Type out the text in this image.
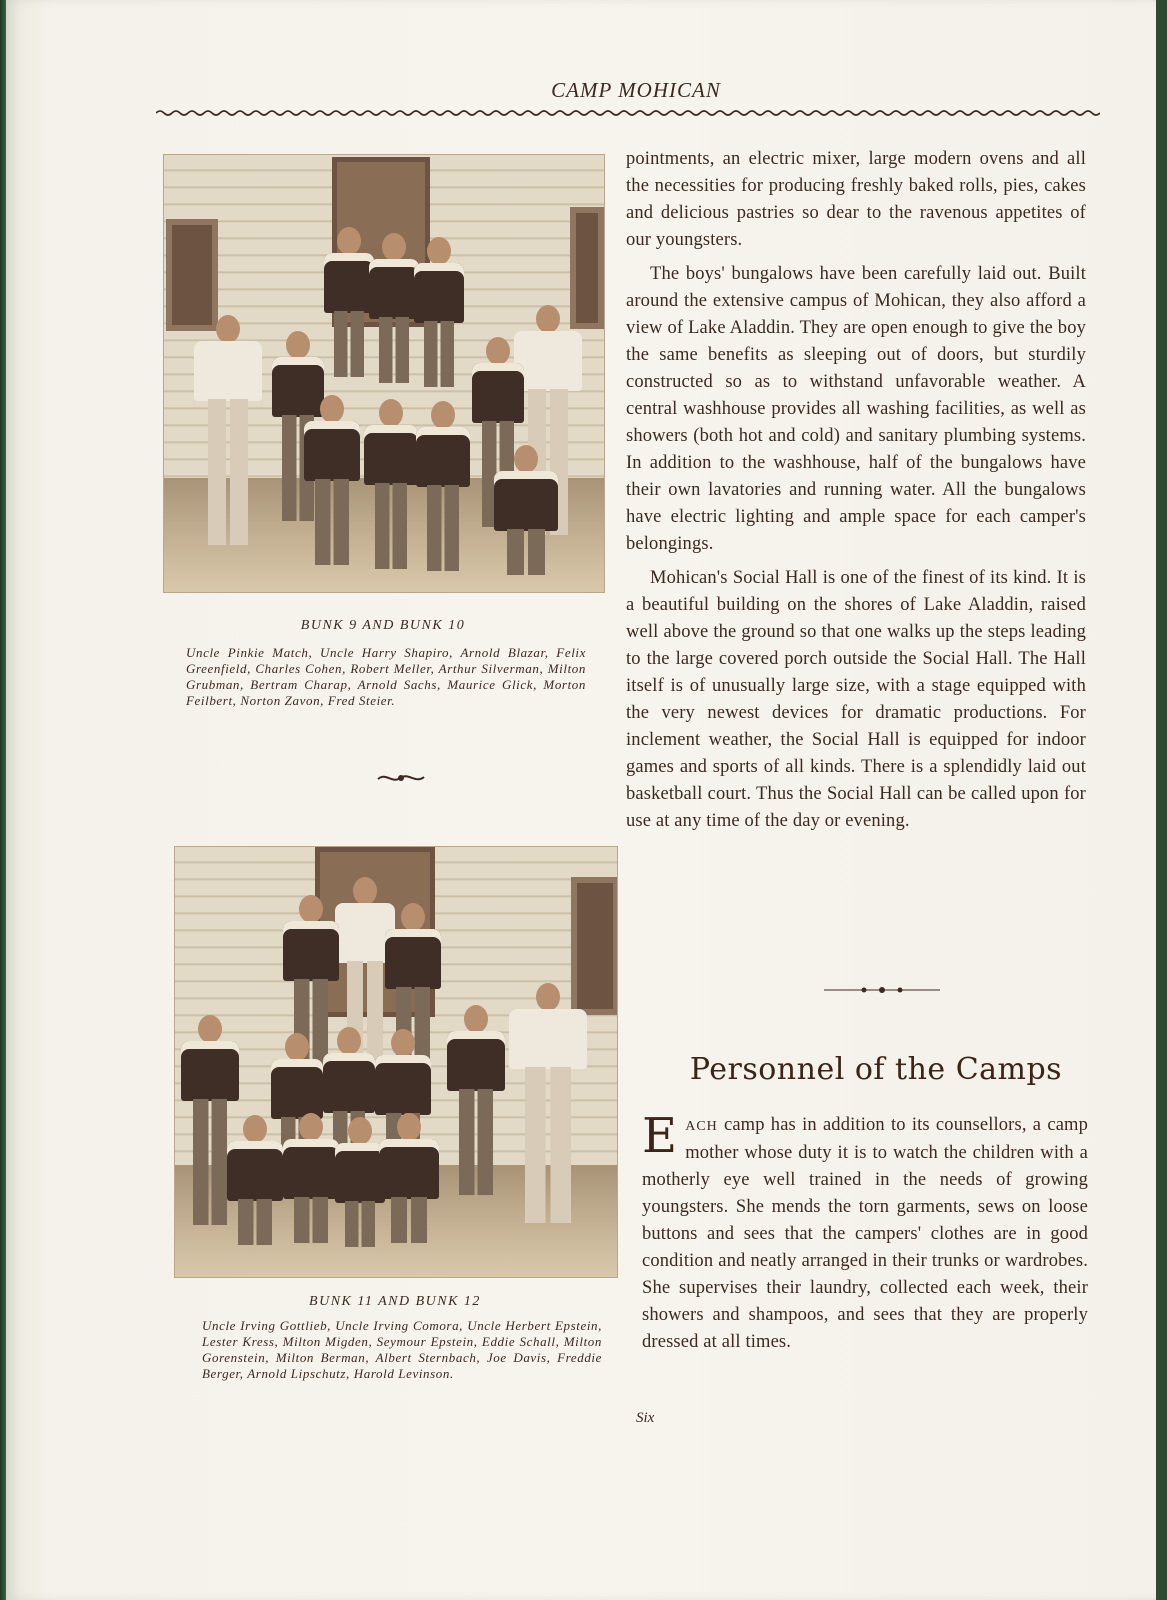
CAMP MOHICAN
BUNK 9 AND BUNK 10
Uncle Pinkie Match, Uncle Harry Shapiro, Arnold Blazar, Felix Greenfield, Charles Cohen, Robert Meller, Arthur Silverman, Milton Grubman, Bertram Charap, Arnold Sachs, Maurice Glick, Morton Feilbert, Norton Zavon, Fred Steier.
BUNK 11 AND BUNK 12
Uncle Irving Gottlieb, Uncle Irving Comora, Uncle Herbert Epstein, Lester Kress, Milton Migden, Seymour Epstein, Eddie Schall, Milton Gorenstein, Milton Berman, Albert Sternbach, Joe Davis, Freddie Berger, Arnold Lipschutz, Harold Levinson.

pointments, an electric mixer, large modern ovens and all the necessities for producing freshly baked rolls, pies, cakes and delicious pastries so dear to the ravenous appetites of our youngsters.

The boys' bungalows have been carefully laid out. Built around the extensive campus of Mohican, they also afford a view of Lake Aladdin. They are open enough to give the boy the same benefits as sleeping out of doors, but sturdily constructed so as to withstand unfavorable weather. A central washhouse provides all washing facilities, as well as showers (both hot and cold) and sanitary plumbing systems. In addition to the washhouse, half of the bungalows have their own lavatories and running water. All the bungalows have electric lighting and ample space for each camper's belongings.

Mohican's Social Hall is one of the finest of its kind. It is a beautiful building on the shores of Lake Aladdin, raised well above the ground so that one walks up the steps leading to the large covered porch outside the Social Hall. The Hall itself is of unusually large size, with a stage equipped with the very newest devices for dramatic productions. For inclement weather, the Social Hall is equipped for indoor games and sports of all kinds. There is a splendidly laid out basketball court. Thus the Social Hall can be called upon for use at any time of the day or evening.

Personnel of the Camps
EACH camp has in addition to its counsellors, a camp mother whose duty it is to watch the children with a motherly eye well trained in the needs of growing youngsters. She mends the torn garments, sews on loose buttons and sees that the campers' clothes are in good condition and neatly arranged in their trunks or wardrobes. She supervises their laundry, collected each week, their showers and shampoos, and sees that they are properly dressed at all times.
Six
